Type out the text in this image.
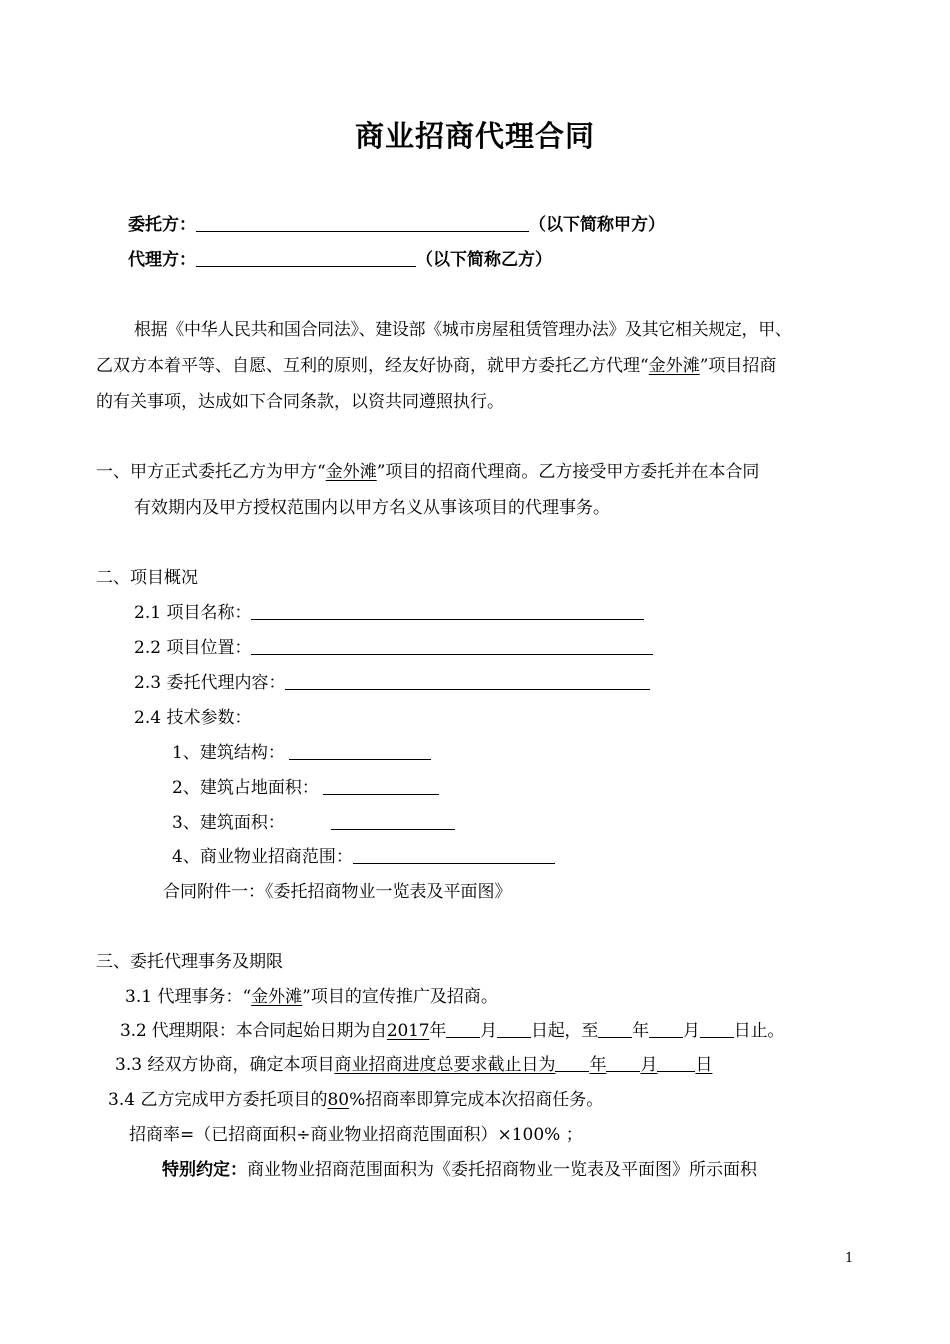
商业招商代理合同
委托方：	（以下简称甲方）
代理方：	（以下简称乙方）
根据《中华人民共和国合同法》、建设部《城市房屋租赁管理办法》及其它相关规定，甲、
乙双方本着平等、自愿、互利的原则，经友好协商，就甲方委托乙方代理“金外滩”项目招商
的有关事项，达成如下合同条款，以资共同遵照执行。
一、甲方正式委托乙方为甲方“金外滩”项目的招商代理商。乙方接受甲方委托并在本合同
有效期内及甲方授权范围内以甲方名义从事该项目的代理事务。
二、项目概况
2.1 项目名称：
2.2 项目位置：
2.3 委托代理内容：
2.4 技术参数：
1、建筑结构：
2、建筑占地面积：
3、建筑面积：
4、商业物业招商范围：
合同附件一：《委托招商物业一览表及平面图》
三、委托代理事务及期限
3.1 代理事务：“金外滩”项目的宣传推广及招商。
3.2 代理期限：本合同起始日期为自2017年 月 日起，至 年 月 日止。
3.3 经双方协商，确定本项目商业招商进度总要求截止日为 年 月 日
3.4 乙方完成甲方委托项目的80%招商率即算完成本次招商任务。
招商率=（已招商面积÷商业物业招商范围面积）×100% ；
特别约定：商业物业招商范围面积为《委托招商物业一览表及平面图》所示面积
1
